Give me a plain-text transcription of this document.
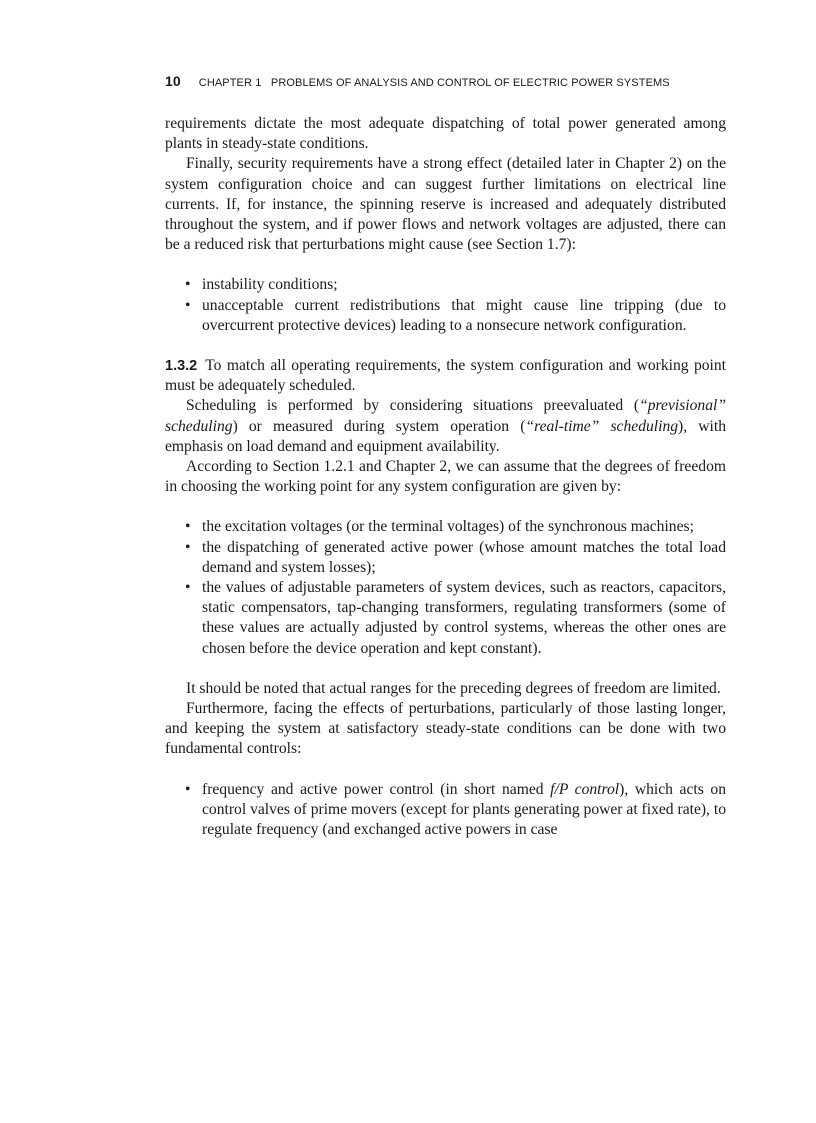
10 CHAPTER 1   PROBLEMS OF ANALYSIS AND CONTROL OF ELECTRIC POWER SYSTEMS

requirements dictate the most adequate dispatching of total power generated among plants in steady-state conditions.

Finally, security requirements have a strong effect (detailed later in Chapter 2) on the system configuration choice and can suggest further limitations on electrical line currents. If, for instance, the spinning reserve is increased and adequately distributed throughout the system, and if power flows and network voltages are adjusted, there can be a reduced risk that perturbations might cause (see Section 1.7):

• instability conditions;
• unacceptable current redistributions that might cause line tripping (due to overcurrent protective devices) leading to a nonsecure network configuration.

1.3.2 To match all operating requirements, the system configuration and working point must be adequately scheduled.

Scheduling is performed by considering situations preevaluated (“previsional” scheduling) or measured during system operation (“real-time” scheduling), with emphasis on load demand and equipment availability.

According to Section 1.2.1 and Chapter 2, we can assume that the degrees of freedom in choosing the working point for any system configuration are given by:

• the excitation voltages (or the terminal voltages) of the synchronous machines;
• the dispatching of generated active power (whose amount matches the total load demand and system losses);
• the values of adjustable parameters of system devices, such as reactors, capacitors, static compensators, tap-changing transformers, regulating transformers (some of these values are actually adjusted by control systems, whereas the other ones are chosen before the device operation and kept constant).

It should be noted that actual ranges for the preceding degrees of freedom are limited.

Furthermore, facing the effects of perturbations, particularly of those lasting longer, and keeping the system at satisfactory steady-state conditions can be done with two fundamental controls:

• frequency and active power control (in short named f/P control), which acts on control valves of prime movers (except for plants generating power at fixed rate), to regulate frequency (and exchanged active powers in case
